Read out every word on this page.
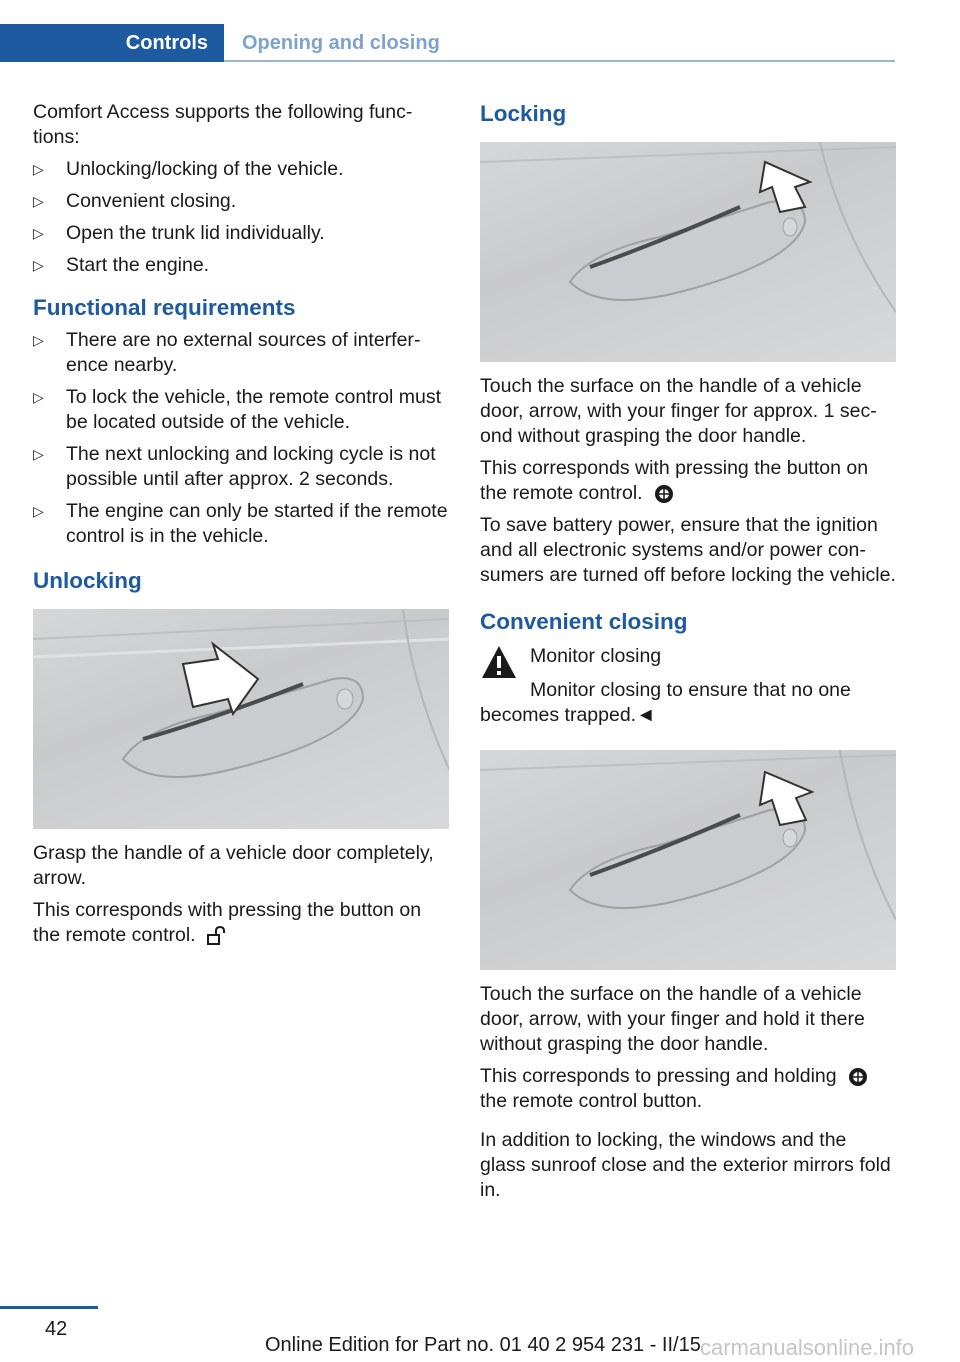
Controls	Opening and closing

Comfort Access supports the following functions:

▷ Unlocking/locking of the vehicle.
▷ Convenient closing.
▷ Open the trunk lid individually.
▷ Start the engine.
Functional requirements
▷ There are no external sources of interference nearby.
▷ To lock the vehicle, the remote control must be located outside of the vehicle.
▷ The next unlocking and locking cycle is not possible until after approx. 2 seconds.
▷ The engine can only be started if the remote control is in the vehicle.
Unlocking

Grasp the handle of a vehicle door completely, arrow.

This corresponds with pressing the button on the remote control.

Locking

Touch the surface on the handle of a vehicle door, arrow, with your finger for approx. 1 second without grasping the door handle.

This corresponds with pressing the button on the remote control.

To save battery power, ensure that the ignition and all electronic systems and/or power consumers are turned off before locking the vehicle.

Convenient closing

Monitor closing

Monitor closing to ensure that no one becomes trapped.◄

Touch the surface on the handle of a vehicle door, arrow, with your finger and hold it there without grasping the door handle.

This corresponds to pressing and holding
the remote control button.

In addition to locking, the windows and the glass sunroof close and the exterior mirrors fold in.

42
Online Edition for Part no. 01 40 2 954 231 - II/15 carmanualsonline.info
